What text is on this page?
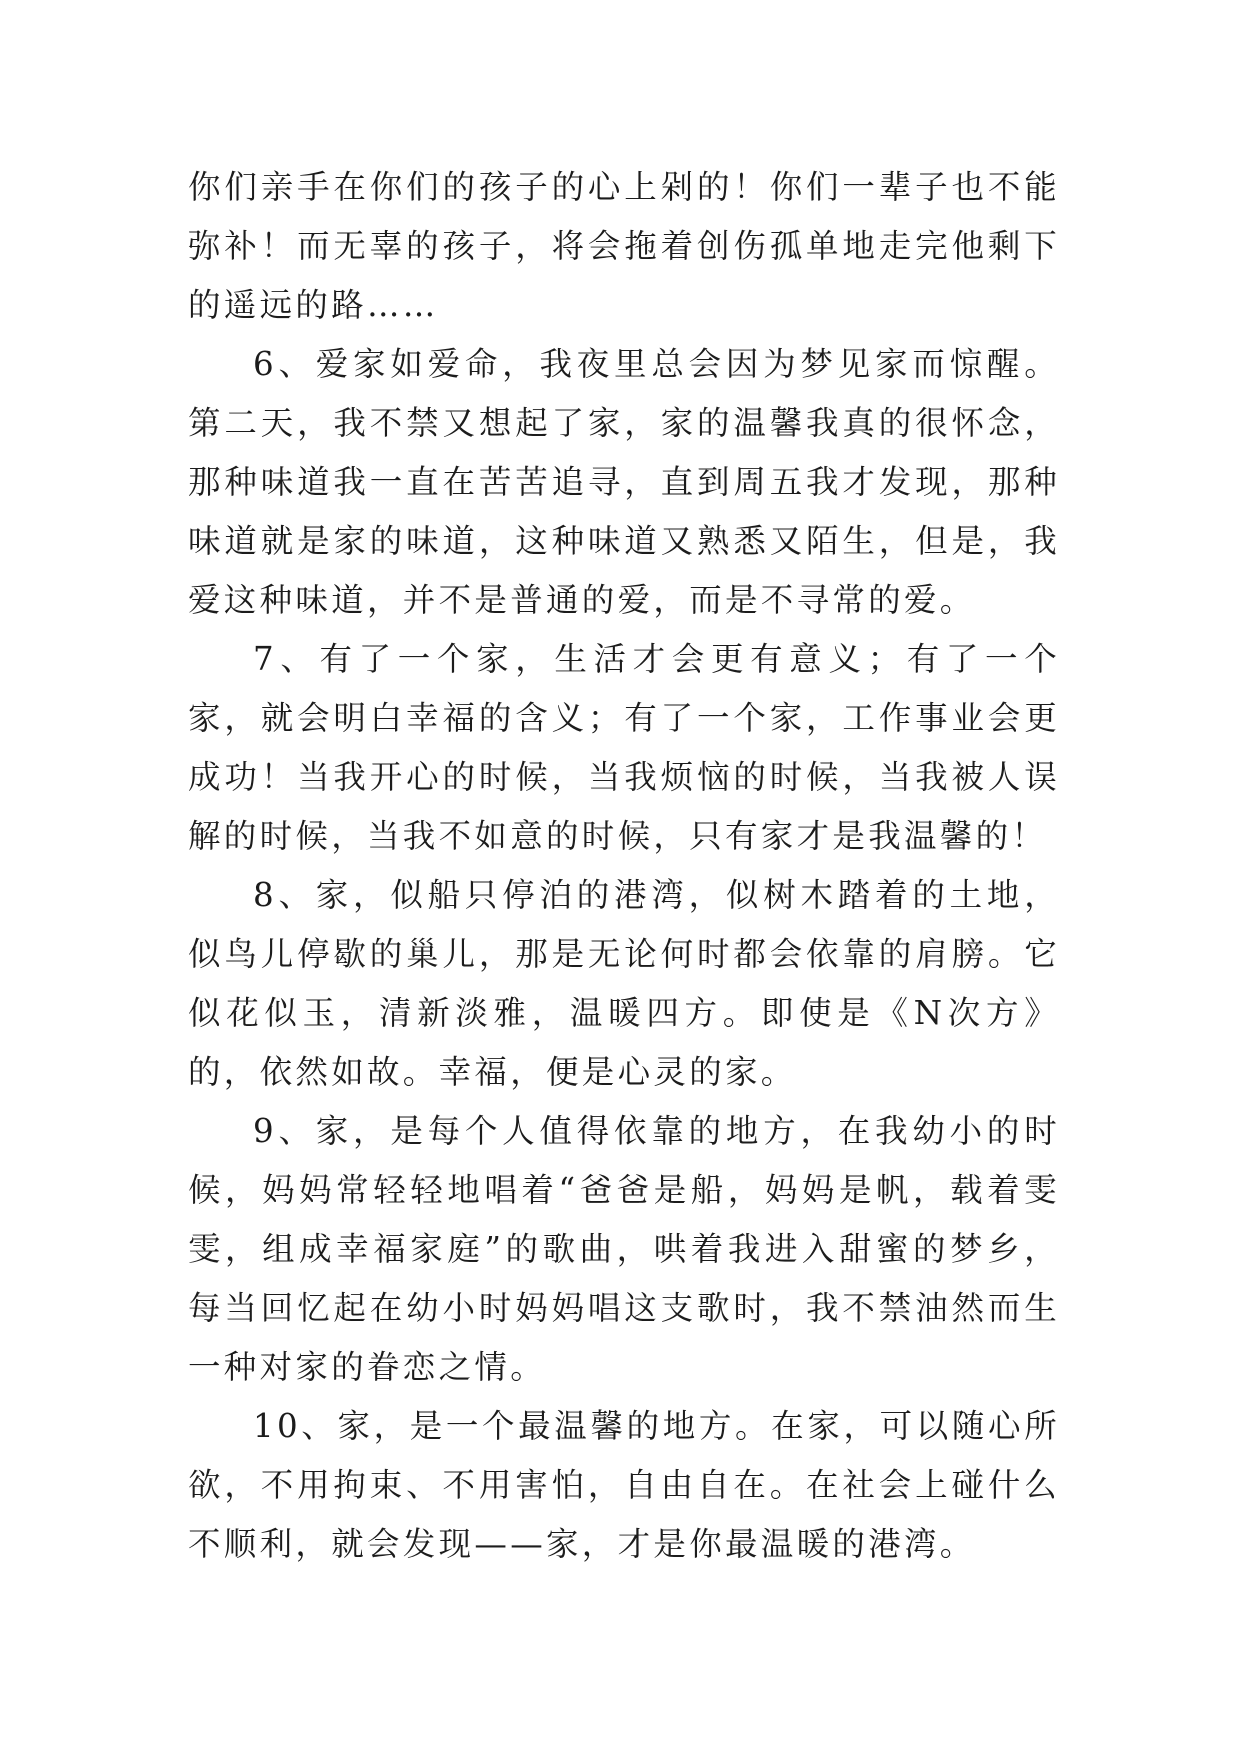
你们亲手在你们的孩子的心上剁的！你们一辈子也不能弥补！而无辜的孩子，将会拖着创伤孤单地走完他剩下的遥远的路……

6、爱家如爱命，我夜里总会因为梦见家而惊醒。第二天，我不禁又想起了家，家的温馨我真的很怀念，那种味道我一直在苦苦追寻，直到周五我才发现，那种味道就是家的味道，这种味道又熟悉又陌生，但是，我爱这种味道，并不是普通的爱，而是不寻常的爱。

7、有了一个家，生活才会更有意义；有了一个家，就会明白幸福的含义；有了一个家，工作事业会更成功！当我开心的时候，当我烦恼的时候，当我被人误解的时候，当我不如意的时候，只有家才是我温馨的！

8、家，似船只停泊的港湾，似树木踏着的土地，似鸟儿停歇的巢儿，那是无论何时都会依靠的肩膀。它似花似玉，清新淡雅，温暖四方。即使是《N次方》的，依然如故。幸福，便是心灵的家。

9、家，是每个人值得依靠的地方，在我幼小的时候，妈妈常轻轻地唱着“爸爸是船，妈妈是帆，载着雯雯，组成幸福家庭”的歌曲，哄着我进入甜蜜的梦乡，每当回忆起在幼小时妈妈唱这支歌时，我不禁油然而生一种对家的眷恋之情。

10、家，是一个最温馨的地方。在家，可以随心所欲，不用拘束、不用害怕，自由自在。在社会上碰什么不顺利，就会发现——家，才是你最温暖的港湾。
